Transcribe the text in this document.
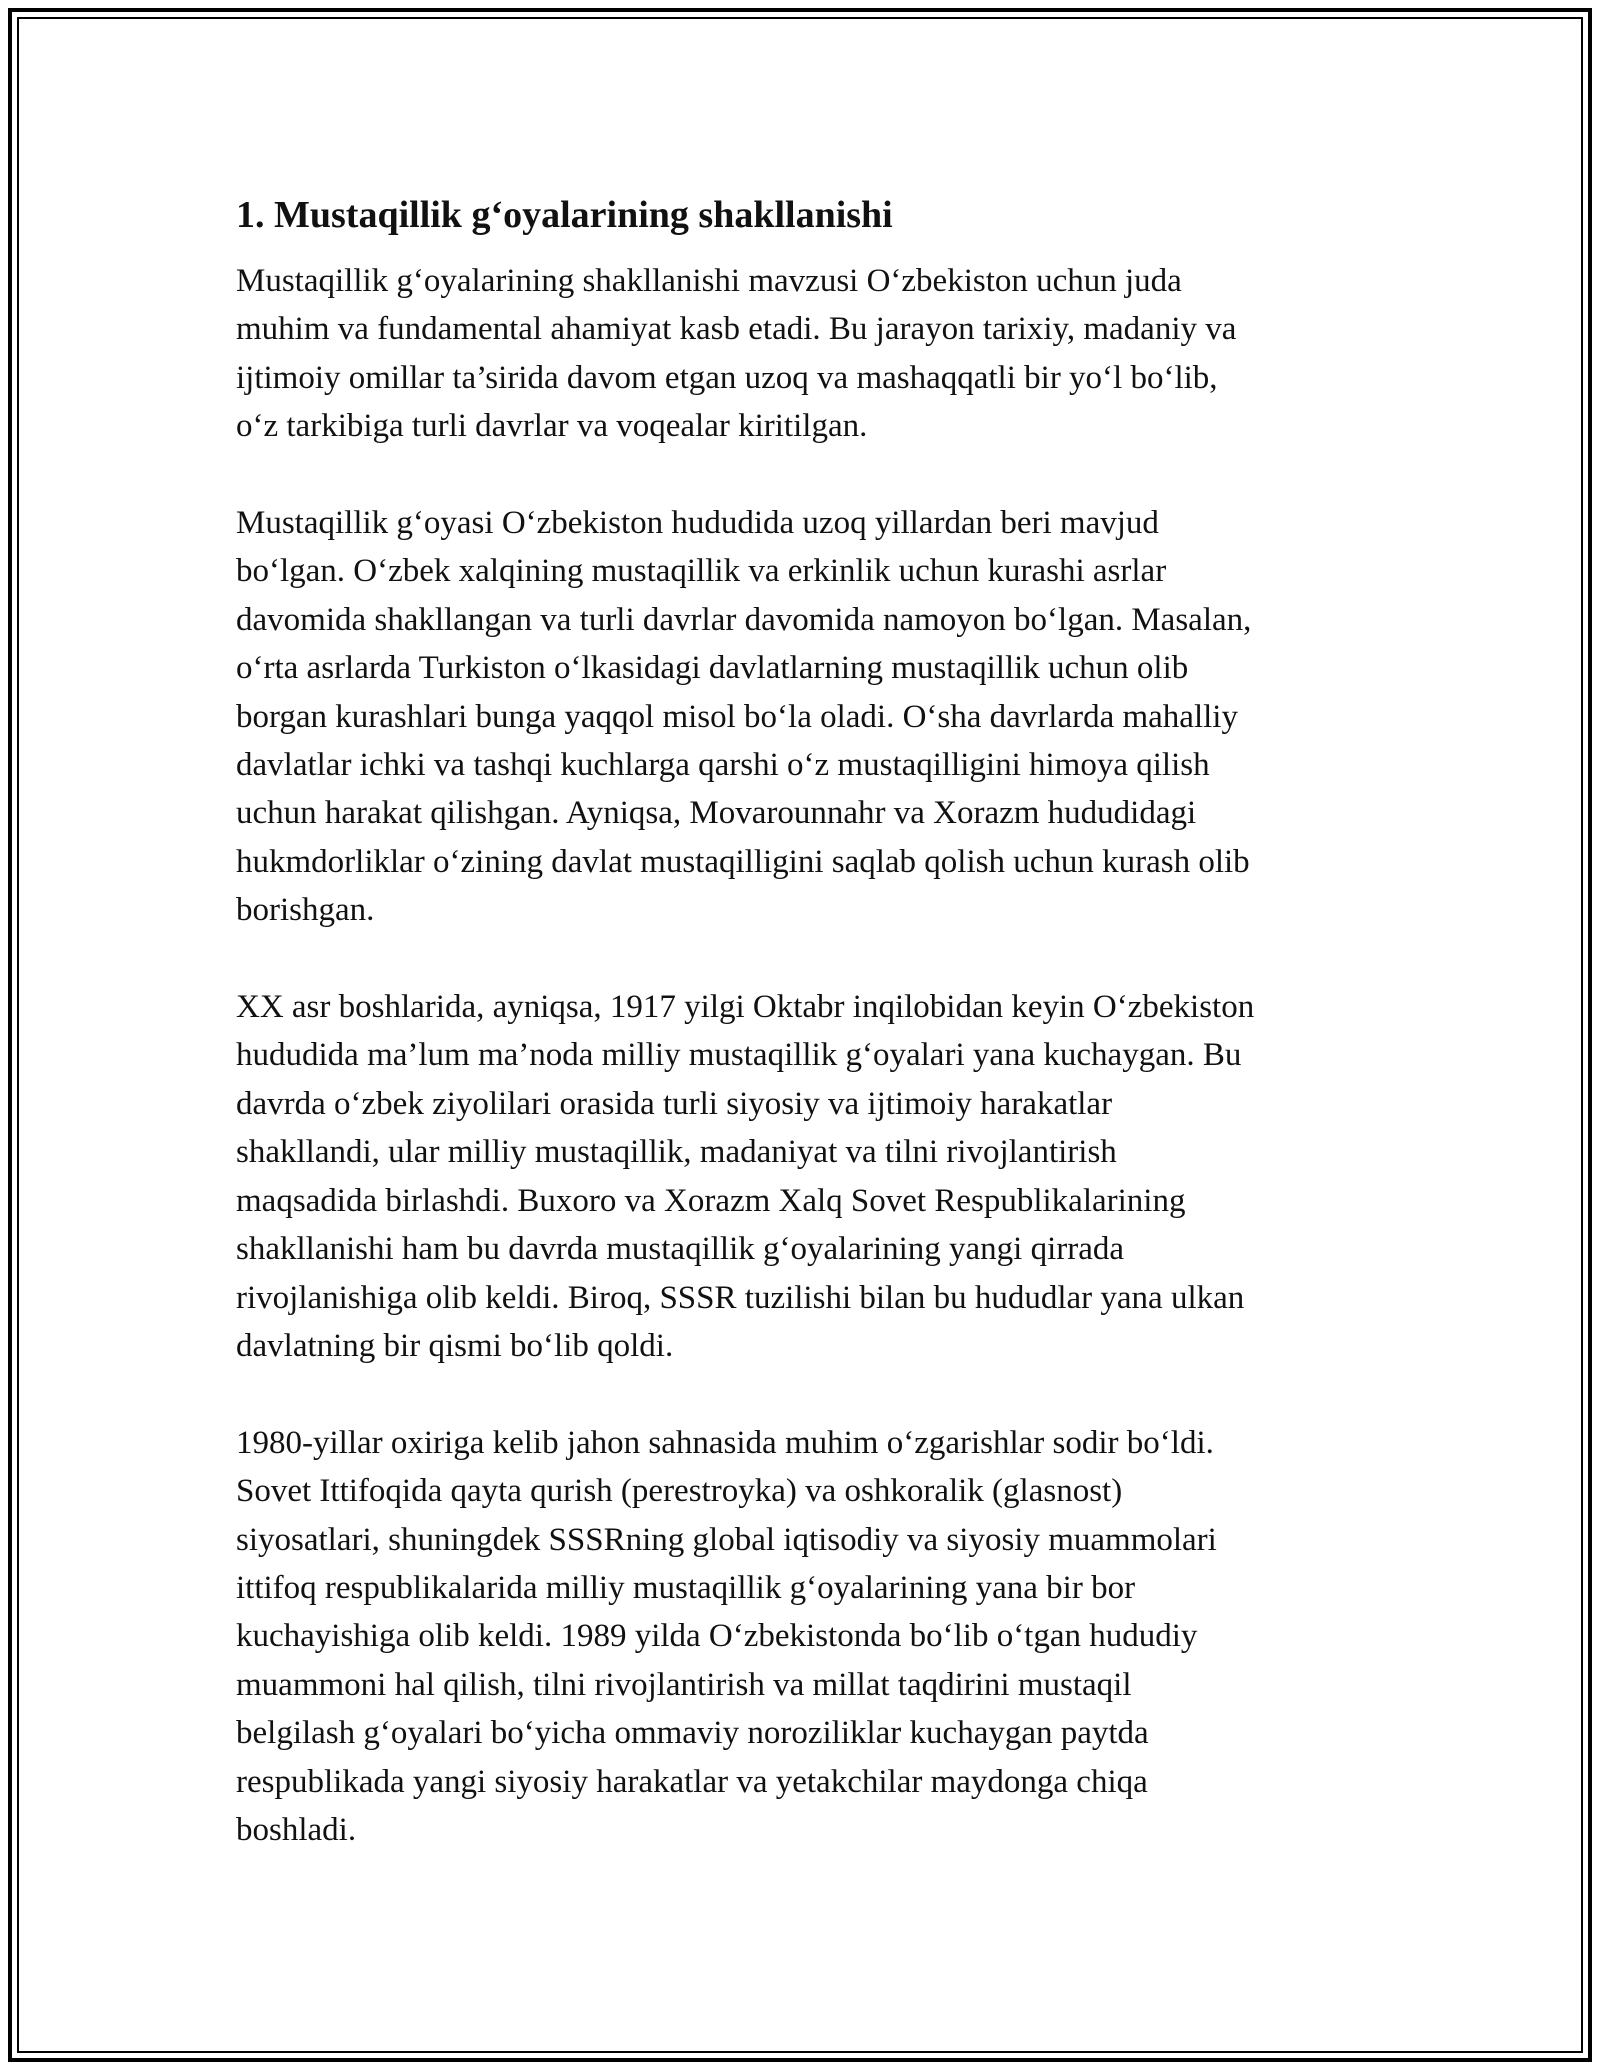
1. Mustaqillik g‘oyalarining shakllanishi

Mustaqillik g‘oyalarining shakllanishi mavzusi O‘zbekiston uchun juda
muhim va fundamental ahamiyat kasb etadi. Bu jarayon tarixiy, madaniy va
ijtimoiy omillar ta’sirida davom etgan uzoq va mashaqqatli bir yo‘l bo‘lib,
o‘z tarkibiga turli davrlar va voqealar kiritilgan.

Mustaqillik g‘oyasi O‘zbekiston hududida uzoq yillardan beri mavjud
bo‘lgan. O‘zbek xalqining mustaqillik va erkinlik uchun kurashi asrlar
davomida shakllangan va turli davrlar davomida namoyon bo‘lgan. Masalan,
o‘rta asrlarda Turkiston o‘lkasidagi davlatlarning mustaqillik uchun olib
borgan kurashlari bunga yaqqol misol bo‘la oladi. O‘sha davrlarda mahalliy
davlatlar ichki va tashqi kuchlarga qarshi o‘z mustaqilligini himoya qilish
uchun harakat qilishgan. Ayniqsa, Movarounnahr va Xorazm hududidagi
hukmdorliklar o‘zining davlat mustaqilligini saqlab qolish uchun kurash olib
borishgan.

XX asr boshlarida, ayniqsa, 1917 yilgi Oktabr inqilobidan keyin O‘zbekiston
hududida ma’lum ma’noda milliy mustaqillik g‘oyalari yana kuchaygan. Bu
davrda o‘zbek ziyolilari orasida turli siyosiy va ijtimoiy harakatlar
shakllandi, ular milliy mustaqillik, madaniyat va tilni rivojlantirish
maqsadida birlashdi. Buxoro va Xorazm Xalq Sovet Respublikalarining
shakllanishi ham bu davrda mustaqillik g‘oyalarining yangi qirrada
rivojlanishiga olib keldi. Biroq, SSSR tuzilishi bilan bu hududlar yana ulkan
davlatning bir qismi bo‘lib qoldi.

1980-yillar oxiriga kelib jahon sahnasida muhim o‘zgarishlar sodir bo‘ldi.
Sovet Ittifoqida qayta qurish (perestroyka) va oshkoralik (glasnost)
siyosatlari, shuningdek SSSRning global iqtisodiy va siyosiy muammolari
ittifoq respublikalarida milliy mustaqillik g‘oyalarining yana bir bor
kuchayishiga olib keldi. 1989 yilda O‘zbekistonda bo‘lib o‘tgan hududiy
muammoni hal qilish, tilni rivojlantirish va millat taqdirini mustaqil
belgilash g‘oyalari bo‘yicha ommaviy noroziliklar kuchaygan paytda
respublikada yangi siyosiy harakatlar va yetakchilar maydonga chiqa
boshladi.
